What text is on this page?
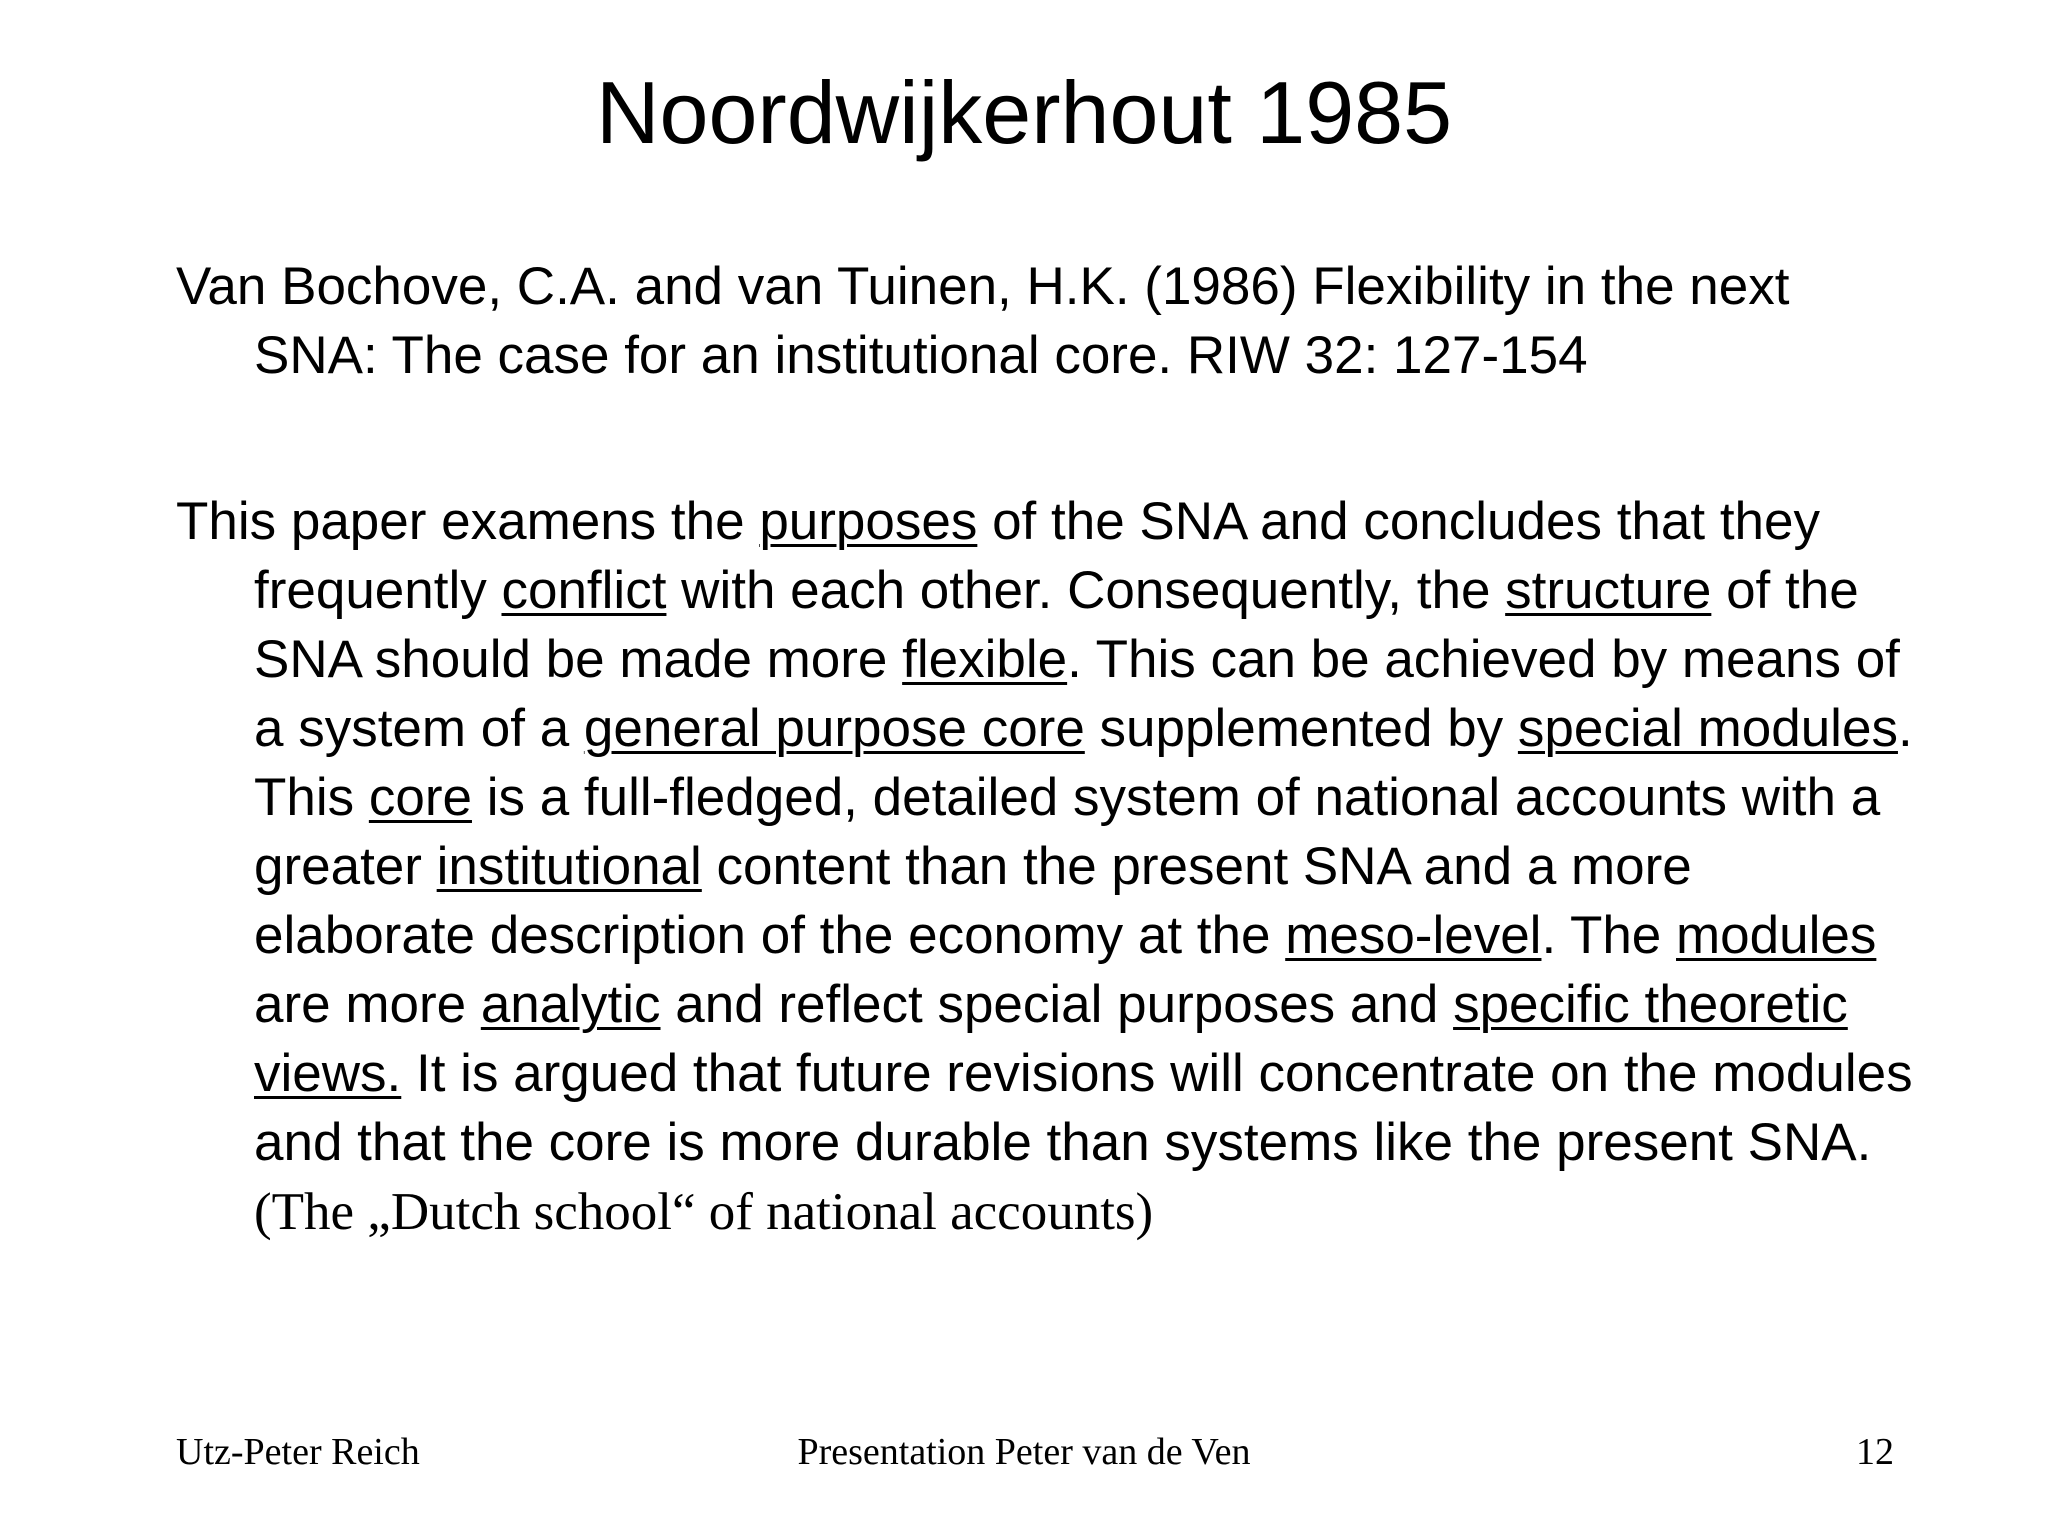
Noordwijkerhout 1985

Van Bochove, C.A. and van Tuinen, H.K. (1986) Flexibility in the next SNA: The case for an institutional core. RIW 32: 127-154

This paper examens the purposes of the SNA and concludes that they frequently conflict with each other. Consequently, the structure of the SNA should be made more flexible. This can be achieved by means of a system of a general purpose core supplemented by special modules. This core is a full-fledged, detailed system of national accounts with a greater institutional content than the present SNA and a more elaborate description of the economy at the meso-level. The modules are more analytic and reflect special purposes and specific theoretic views. It is argued that future revisions will concentrate on the modules and that the core is more durable than systems like the present SNA. (The „Dutch school“ of national accounts)

Utz-Peter Reich	Presentation Peter van de Ven	12
